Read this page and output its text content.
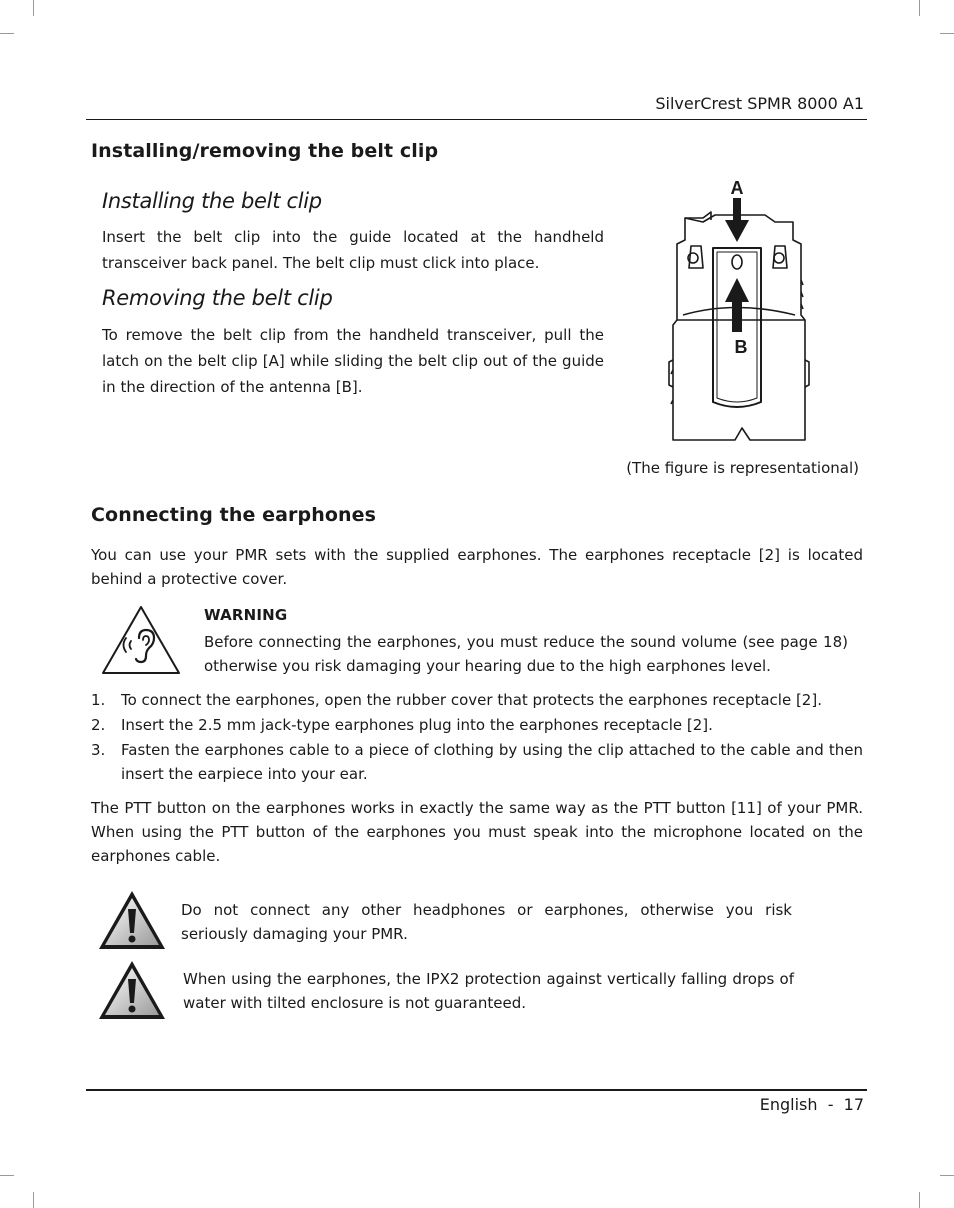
SilverCrest SPMR 8000 A1
Installing/removing the belt clip
Installing the belt clip

Insert the belt clip into the guide located at the handheld transceiver back panel. The belt clip must click into place.

Removing the belt clip

To remove the belt clip from the handheld transceiver, pull the latch on the belt clip [A] while sliding the belt clip out of the guide in the direction of the antenna [B].

A
B
(The figure is representational)
Connecting the earphones

You can use your PMR sets with the supplied earphones. The earphones receptacle [2] is located behind a protective cover.

WARNING

Before connecting the earphones, you must reduce the sound volume (see page 18) otherwise you risk damaging your hearing due to the high earphones level.

1. To connect the earphones, open the rubber cover that protects the earphones receptacle [2].
2. Insert the 2.5 mm jack-type earphones plug into the earphones receptacle [2].
3. Fasten the earphones cable to a piece of clothing by using the clip attached to the cable and then insert the earpiece into your ear.

The PTT button on the earphones works in exactly the same way as the PTT button [11] of your PMR. When using the PTT button of the earphones you must speak into the microphone located on the earphones cable.

Do not connect any other headphones or earphones, otherwise you risk seriously damaging your PMR.

When using the earphones, the IPX2 protection against vertically falling drops of water with tilted enclosure is not guaranteed.

English  -  17
